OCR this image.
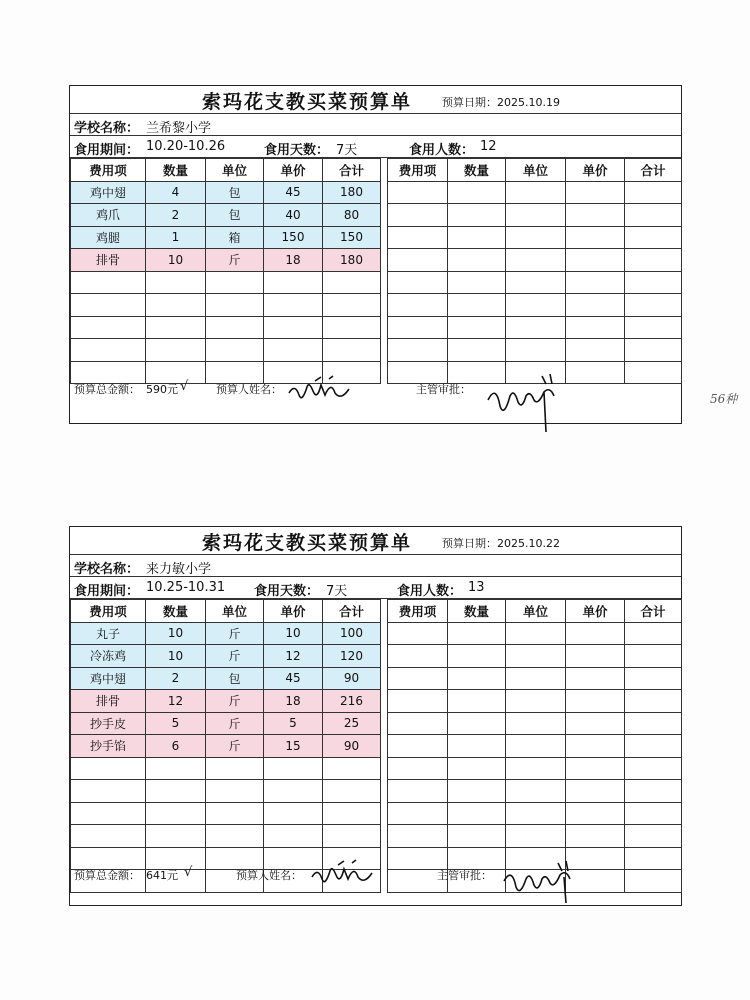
索玛花支教买菜预算单	预算日期：2025.10.19
学校名称： 兰希黎小学
食用期间： 10.20-10.26	食用天数： 7天	食用人数： 12
费用项	数量	单位	单价	合计
鸡中翅	4	包	45	180
鸡爪	2	包	40	80
鸡腿	1	箱	150	150
排骨	10	斤	18	180

费用项	数量	单位	单价	合计

预算总金额： 590元 √	预算人姓名：	主管审批：
索玛花支教买菜预算单	预算日期：2025.10.22
学校名称： 来力敏小学
食用期间： 10.25-10.31 食用天数： 7天	食用人数： 13
费用项	数量	单位	单价	合计
丸子	10	斤	10	100
冷冻鸡	10	斤	12	120
鸡中翅	2	包	45	90
排骨	12	斤	18	216
抄手皮	5	斤	5	25
抄手馅	6	斤	15	90

费用项	数量	单位	单价	合计

预算总金额： 641元 √	预算人姓名：	主管审批：
56种
